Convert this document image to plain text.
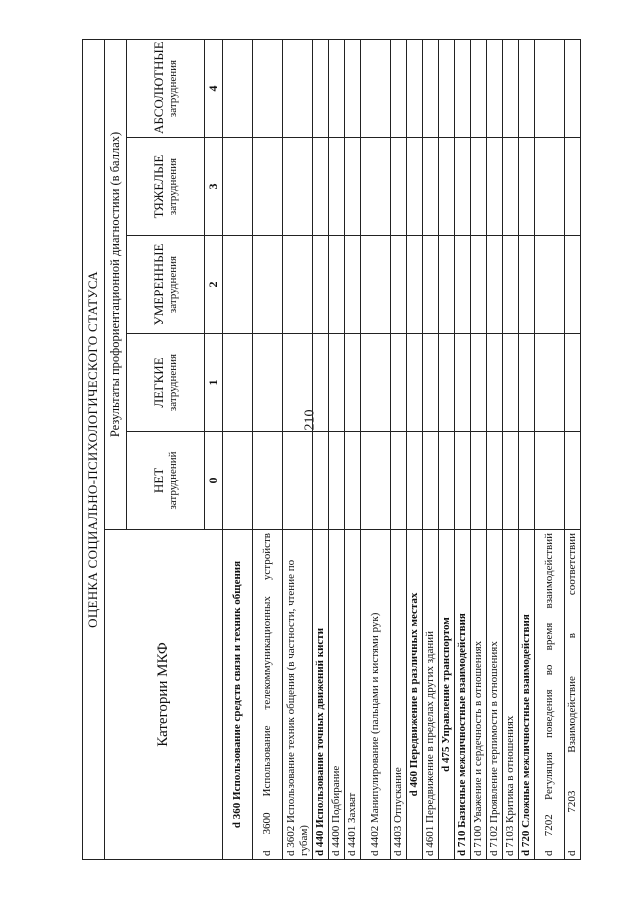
210
ОЦЕНКА СОЦИАЛЬНО-ПСИХОЛОГИЧЕСКОГО СТАТУСА					
Категории МКФ	Результаты профориентационной диагностики (в баллах)				

	НЕТ затруднений	ЛЕГКИЕ затруднения	УМЕРЕННЫЕ затруднения	ТЯЖЕЛЫЕ затруднения	АБСОЛЮТНЫЕ затруднения

	0	1	2	3	4
d 360 Использование средств связи и техник общения					
d 3600 Использование телекоммуникационных устройств					
d 3602 Использование техник общения (в частности, чтение по губам)					
d 440 Использование точных движений кисти					
d 4400 Подбирание					
d 4401 Захват					
d 4402 Манипулирование (пальцами и кистями рук)					
d 4403 Отпускание					
d 460 Передвижение в различных местах					
d 4601 Передвижение в пределах других зданий					
d 475 Управление транспортом					
d 710 Базисные межличностные взаимодействия					
d 7100 Уважение и сердечность в отношениях					
d 7102 Проявление терпимости в отношениях					
d 7103 Критика в отношениях					
d 720 Сложные межличностные взаимодействия					
d 7202 Регуляция поведения во время взаимодействий					
d 7203 Взаимодействие в соответствии					
